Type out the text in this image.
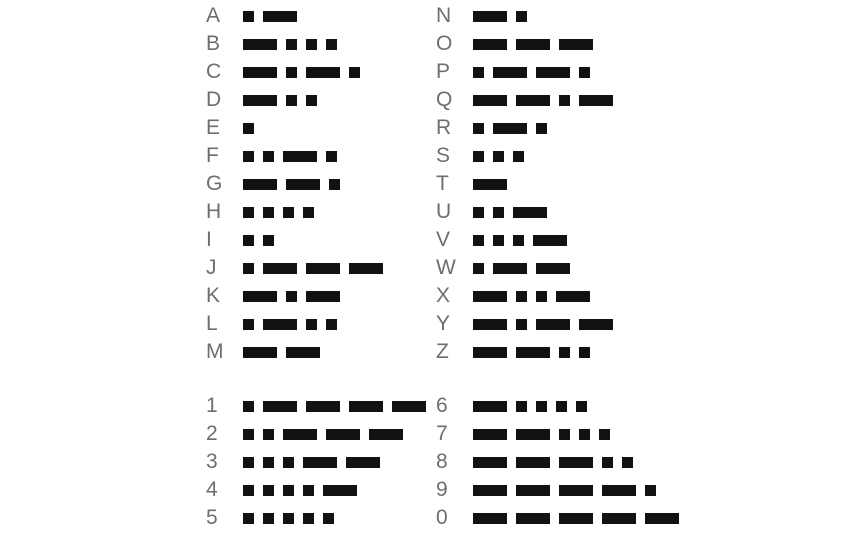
A
B
C
D
E
F
G
H
I
J
K
L
M
N
O
P
Q
R
S
T
U
V
W
X
Y
Z
1
2
3
4
5
6
7
8
9
0
